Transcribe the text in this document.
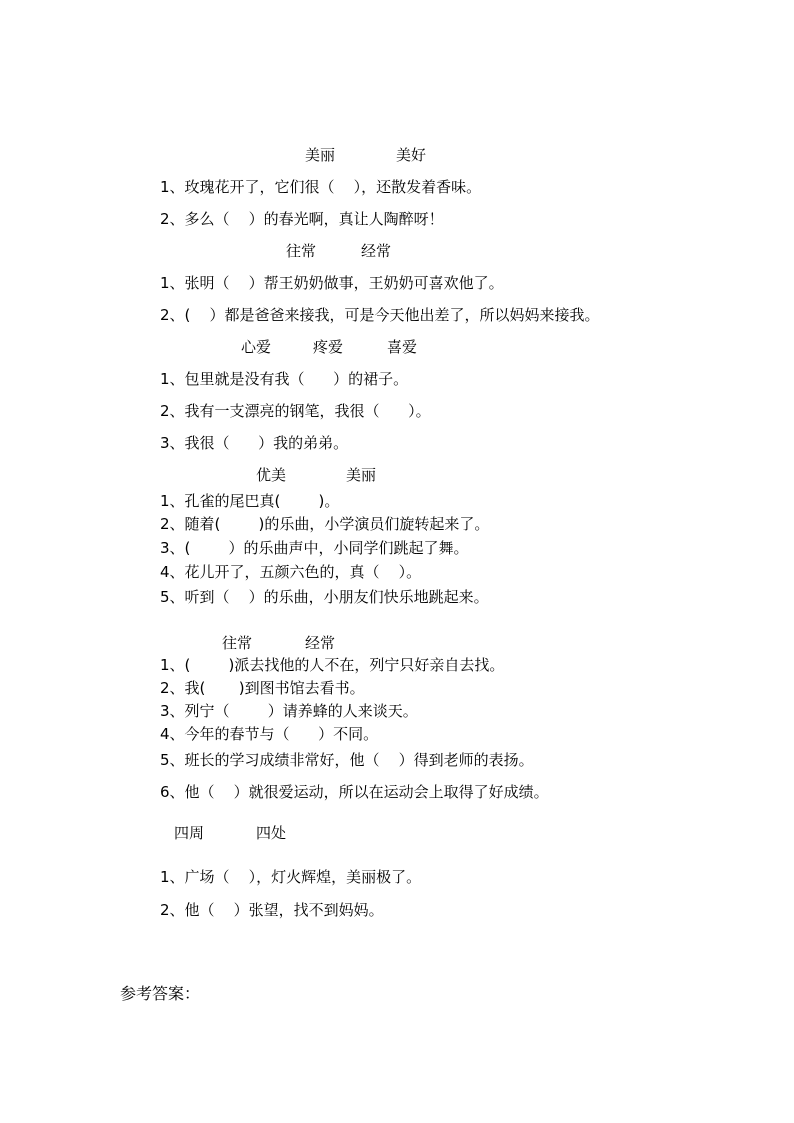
美丽

	美好

1、玫瑰花开了，它们很（    ），还散发着香味。
2、多么（    ）的春光啊，真让人陶醉呀！

往常

	经常

1、张明（    ）帮王奶奶做事，王奶奶可喜欢他了。
2、(    ）都是爸爸来接我，可是今天他出差了，所以妈妈来接我。

心爱

	疼爱

	喜爱

1、包里就是没有我（      ）的裙子。
2、我有一支漂亮的钢笔，我很（      ）。
3、我很（      ）我的弟弟。

优美

	美丽

1、孔雀的尾巴真(        )。
2、随着(        )的乐曲，小学演员们旋转起来了。
3、(        ）的乐曲声中，小同学们跳起了舞。
4、花儿开了，五颜六色的，真（    ）。
5、听到（    ）的乐曲，小朋友们快乐地跳起来。

往常

	经常

1、(        )派去找他的人不在，列宁只好亲自去找。
2、我(       )到图书馆去看书。
3、列宁（        ）请养蜂的人来谈天。
4、今年的春节与（      ）不同。
5、班长的学习成绩非常好，他（    ）得到老师的表扬。
6、他（    ）就很爱运动，所以在运动会上取得了好成绩。

四周

	四处

1、广场（    ），灯火辉煌，美丽极了。
2、他（    ）张望，找不到妈妈。
参考答案：
